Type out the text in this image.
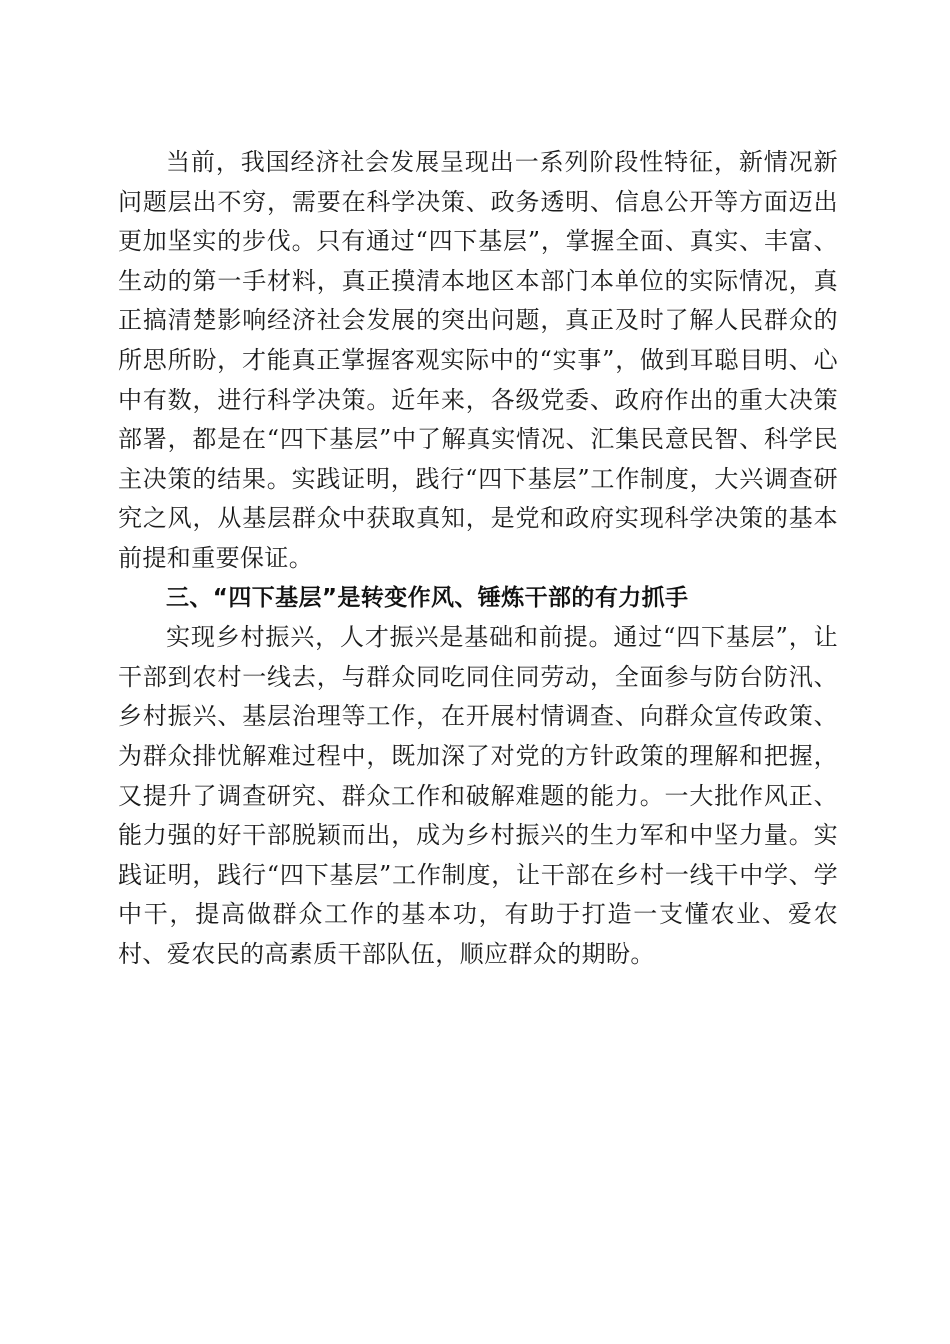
当前，我国经济社会发展呈现出一系列阶段性特征，新情况新问题层出不穷，需要在科学决策、政务透明、信息公开等方面迈出更加坚实的步伐。只有通过“四下基层”，掌握全面、真实、丰富、生动的第一手材料，真正摸清本地区本部门本单位的实际情况，真正搞清楚影响经济社会发展的突出问题，真正及时了解人民群众的所思所盼，才能真正掌握客观实际中的“实事”，做到耳聪目明、心中有数，进行科学决策。近年来，各级党委、政府作出的重大决策部署，都是在“四下基层”中了解真实情况、汇集民意民智、科学民主决策的结果。实践证明，践行“四下基层”工作制度，大兴调查研究之风，从基层群众中获取真知，是党和政府实现科学决策的基本前提和重要保证。

三、“四下基层”是转变作风、锤炼干部的有力抓手

实现乡村振兴，人才振兴是基础和前提。通过“四下基层”，让干部到农村一线去，与群众同吃同住同劳动，全面参与防台防汛、乡村振兴、基层治理等工作，在开展村情调查、向群众宣传政策、为群众排忧解难过程中，既加深了对党的方针政策的理解和把握，又提升了调查研究、群众工作和破解难题的能力。一大批作风正、能力强的好干部脱颖而出，成为乡村振兴的生力军和中坚力量。实践证明，践行“四下基层”工作制度，让干部在乡村一线干中学、学中干，提高做群众工作的基本功，有助于打造一支懂农业、爱农村、爱农民的高素质干部队伍，顺应群众的期盼。
